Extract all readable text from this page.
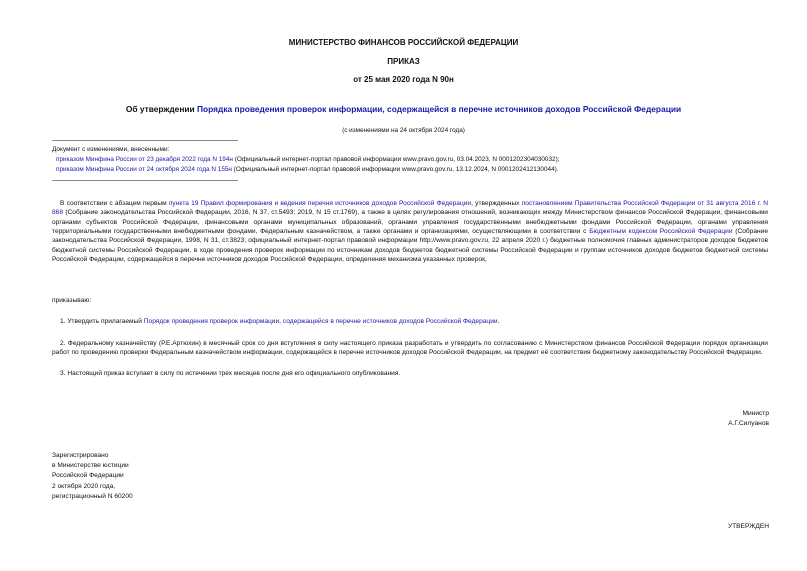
МИНИСТЕРСТВО ФИНАНСОВ РОССИЙСКОЙ ФЕДЕРАЦИИ
ПРИКАЗ
от 25 мая 2020 года N 90н
Об утверждении Порядка проведения проверок информации, содержащейся в перечне источников доходов Российской Федерации
(с изменениями на 24 октября 2024 года)
Документ с изменениями, внесенными:
приказом Минфина России от 23 декабря 2022 года N 194н (Официальный интернет-портал правовой информации www.pravo.gov.ru, 03.04.2023, N 0001202304030032);
приказом Минфина России от 24 октября 2024 года N 155н (Официальный интернет-портал правовой информации www.pravo.gov.ru, 13.12.2024, N 0001202412130044).

В соответствии с абзацем первым пункта 19 Правил формирования и ведения перечня источников доходов Российской Федерации, утвержденных постановлением Правительства Российской Федерации от 31 августа 2016 г. N 868 (Собрание законодательства Российской Федерации, 2016, N 37, ст.5493; 2019, N 15 ст.1769), а также в целях регулирования отношений, возникающих между Министерством финансов Российской Федерации, финансовыми органами субъектов Российской Федерации, финансовыми органами муниципальных образований, органами управления государственными внебюджетными фондами Российской Федерации, органами управления территориальными государственными внебюджетными фондами, Федеральным казначейством, а также органами и организациями, осуществляющими в соответствии с Бюджетным кодексом Российской Федерации (Собрание законодательства Российской Федерации, 1998, N 31, ст.3823; официальный интернет-портал правовой информации http://www.pravo.gov.ru, 22 апреля 2020 г.) бюджетные полномочия главных администраторов доходов бюджетов бюджетной системы Российской Федерации, в ходе проведения проверок информации по источникам доходов бюджетов бюджетной системы Российской Федерации и группам источников доходов бюджетов бюджетной системы Российской Федерации, содержащейся в перечне источников доходов Российской Федерации, определения механизма указанных проверок,

приказываю:

1. Утвердить прилагаемый Порядок проведения проверок информации, содержащейся в перечне источников доходов Российской Федерации.

2. Федеральному казначейству (Р.Е.Артюхин) в месячный срок со дня вступления в силу настоящего приказа разработать и утвердить по согласованию с Министерством финансов Российской Федерации порядок организации работ по проведению проверки Федеральным казначейством информации, содержащейся в перечне источников доходов Российской Федерации, на предмет её соответствия бюджетному законодательству Российской Федерации.

3. Настоящий приказ вступает в силу по истечении трех месяцев после дня его официального опубликования.

Министр
А.Г.Силуанов
Зарегистрировано
в Министерстве юстиции
Российской Федерации
2 октября 2020 года,
регистрационный N 60200
УТВЕРЖДЕН
